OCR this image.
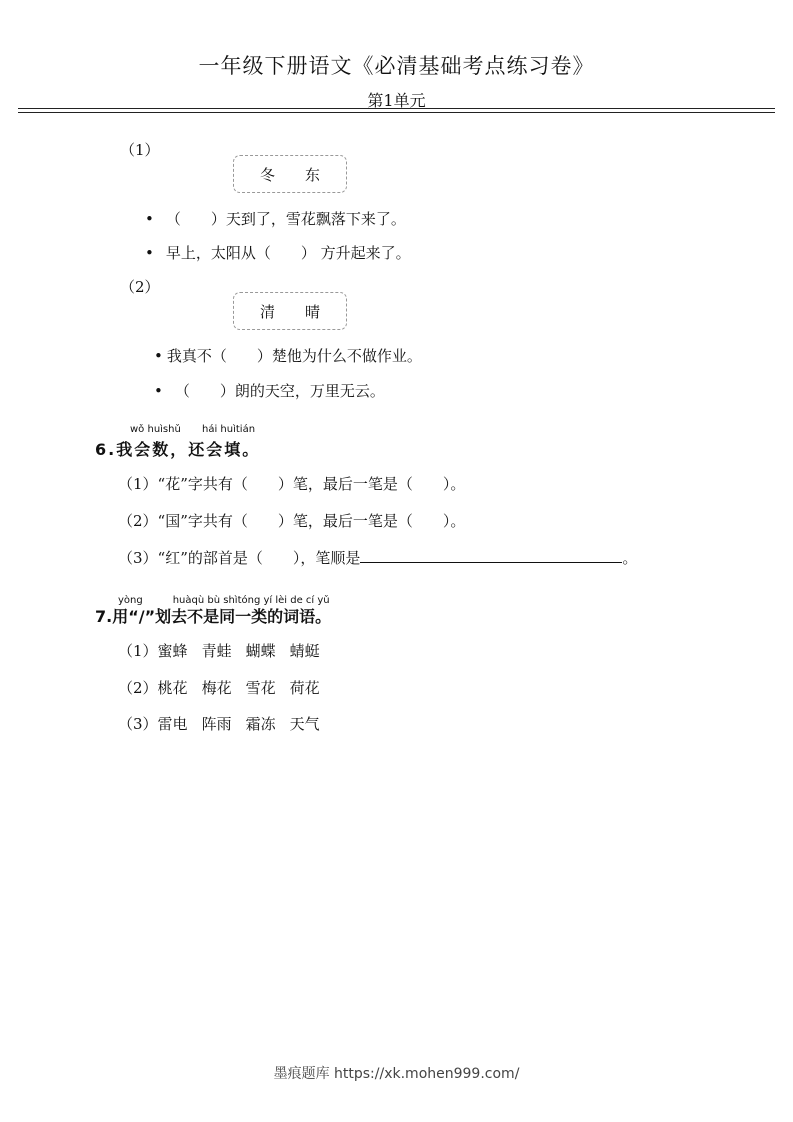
一年级下册语文《必清基础考点练习卷》
第1单元
（1）
冬 东
• （　　）天到了，雪花飘落下来了。
• 早上，太阳从（　　） 方升起来了。
（2）
清 晴
• 我真不（　　）楚他为什么不做作业。
• （　　）朗的天空，万里无云。
wǒ huìshǔ hái huìtián
6.我会数，还会填。
（1）“花”字共有（　　）笔，最后一笔是（　　）。
（2）“国”字共有（　　）笔，最后一笔是（　　）。
（3）“红”的部首是（　　），笔顺是	。
yòng　　　huàqù bù shìtóng yí lèi de cí yǔ
7.用“/”划去不是同一类的词语。
（1）蜜蜂 青蛙 蝴蝶 蜻蜓
（2）桃花 梅花 雪花 荷花
（3）雷电 阵雨 霜冻 天气
墨痕题库 https://xk.mohen999.com/
